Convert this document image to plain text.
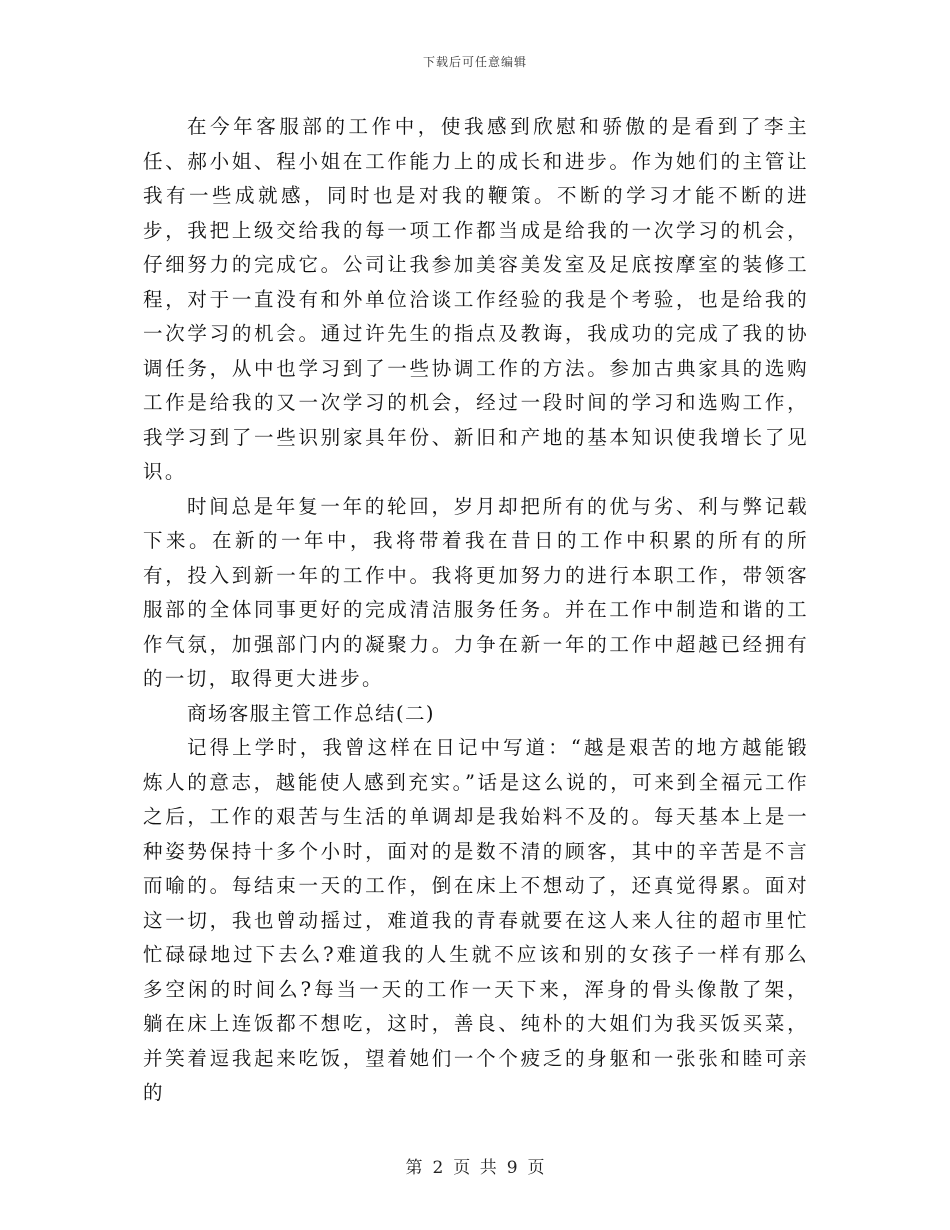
下载后可任意编辑

在今年客服部的工作中，使我感到欣慰和骄傲的是看到了李主任、郝小姐、程小姐在工作能力上的成长和进步。作为她们的主管让我有一些成就感，同时也是对我的鞭策。不断的学习才能不断的进步，我把上级交给我的每一项工作都当成是给我的一次学习的机会，仔细努力的完成它。公司让我参加美容美发室及足底按摩室的装修工程，对于一直没有和外单位洽谈工作经验的我是个考验，也是给我的一次学习的机会。通过许先生的指点及教诲，我成功的完成了我的协调任务，从中也学习到了一些协调工作的方法。参加古典家具的选购工作是给我的又一次学习的机会，经过一段时间的学习和选购工作，我学习到了一些识别家具年份、新旧和产地的基本知识使我增长了见识。

时间总是年复一年的轮回，岁月却把所有的优与劣、利与弊记载下来。在新的一年中，我将带着我在昔日的工作中积累的所有的所有，投入到新一年的工作中。我将更加努力的进行本职工作，带领客服部的全体同事更好的完成清洁服务任务。并在工作中制造和谐的工作气氛，加强部门内的凝聚力。力争在新一年的工作中超越已经拥有的一切，取得更大进步。

商场客服主管工作总结(二)

记得上学时，我曾这样在日记中写道：“越是艰苦的地方越能锻炼人的意志，越能使人感到充实。”话是这么说的，可来到全福元工作之后，工作的艰苦与生活的单调却是我始料不及的。每天基本上是一种姿势保持十多个小时，面对的是数不清的顾客，其中的辛苦是不言而喻的。每结束一天的工作，倒在床上不想动了，还真觉得累。面对这一切，我也曾动摇过，难道我的青春就要在这人来人往的超市里忙忙碌碌地过下去么?难道我的人生就不应该和别的女孩子一样有那么多空闲的时间么?每当一天的工作一天下来，浑身的骨头像散了架，躺在床上连饭都不想吃，这时，善良、纯朴的大姐们为我买饭买菜，并笑着逗我起来吃饭，望着她们一个个疲乏的身躯和一张张和睦可亲的

第 2 页 共 9 页
